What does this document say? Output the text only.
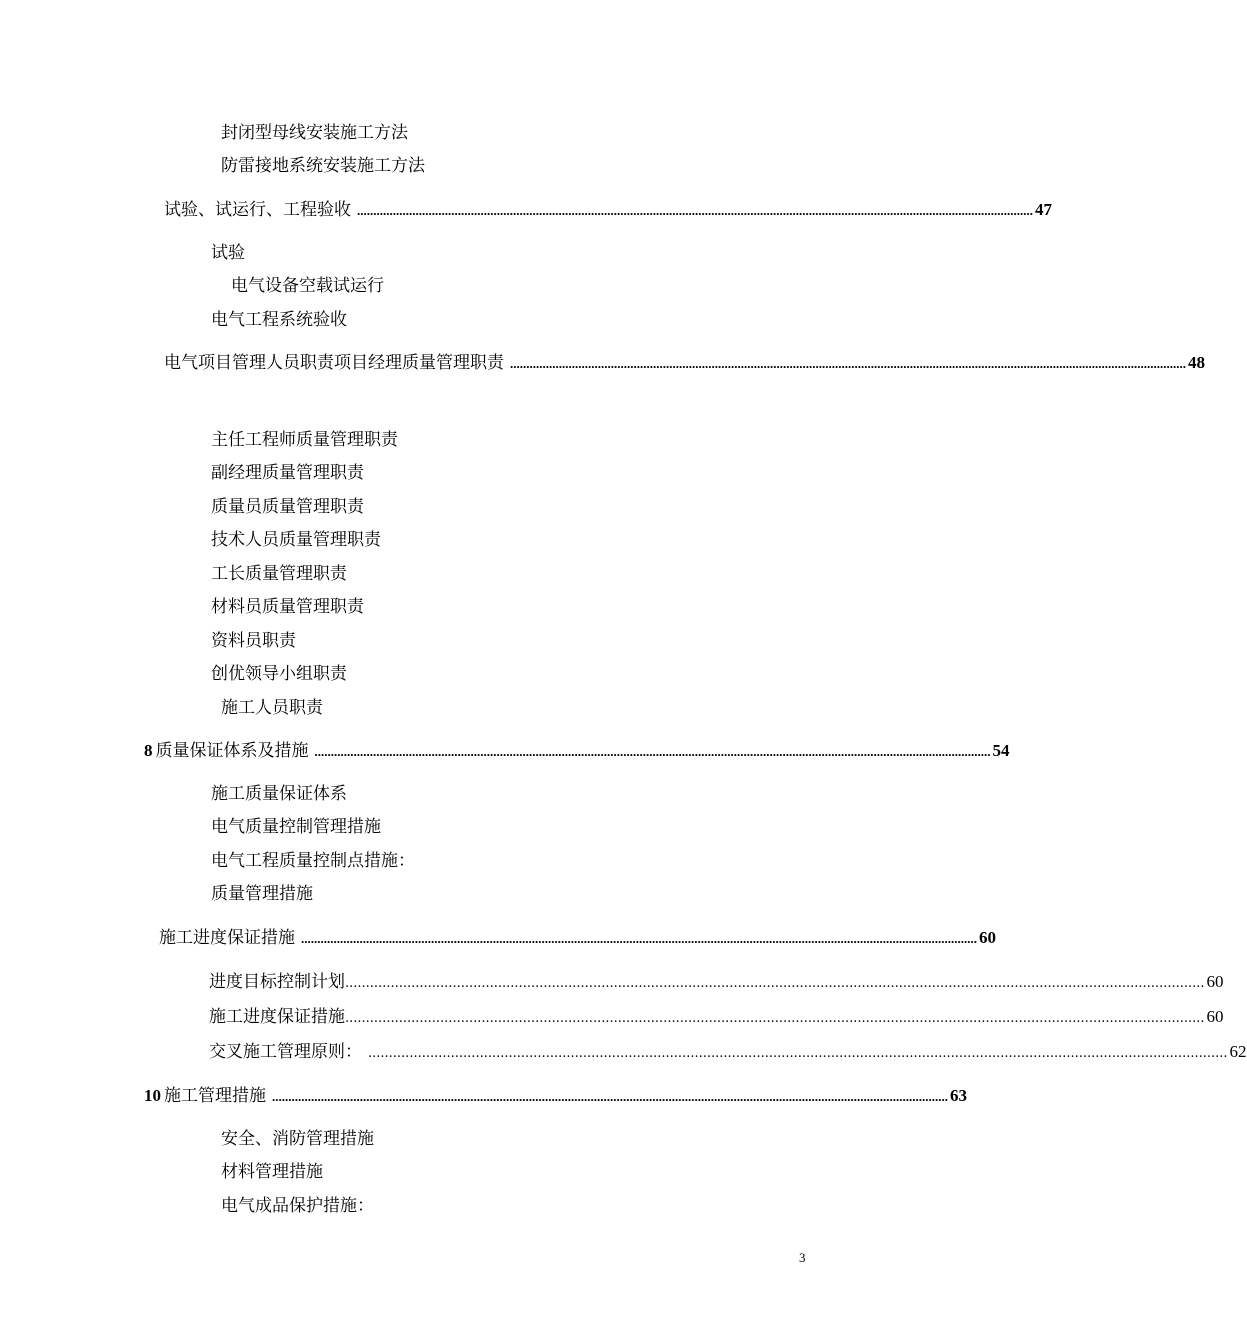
封闭型母线安装施工方法
防雷接地系统安装施工方法
试验、试运行、工程验收 ................................................................................................................................................................................................................ 47
试验
电气设备空载试运行
电气工程系统验收
电气项目管理人员职责项目经理质量管理职责 ................................................................................................................................................................................................................ 48
主任工程师质量管理职责
副经理质量管理职责
质量员质量管理职责
技术人员质量管理职责
工长质量管理职责
材料员质量管理职责
资料员职责
创优领导小组职责
施工人员职责
8 质量保证体系及措施 ................................................................................................................................................................................................................ 54
施工质量保证体系
电气质量控制管理措施
电气工程质量控制点措施：
质量管理措施
施工进度保证措施 ................................................................................................................................................................................................................ 60
进度目标控制计划 ................................................................................................................................................................................................................ 60
施工进度保证措施 ................................................................................................................................................................................................................ 60
交叉施工管理原则： ................................................................................................................................................................................................................ 62
10 施工管理措施 ................................................................................................................................................................................................................ 63
安全、消防管理措施
材料管理措施
电气成品保护措施：
3
